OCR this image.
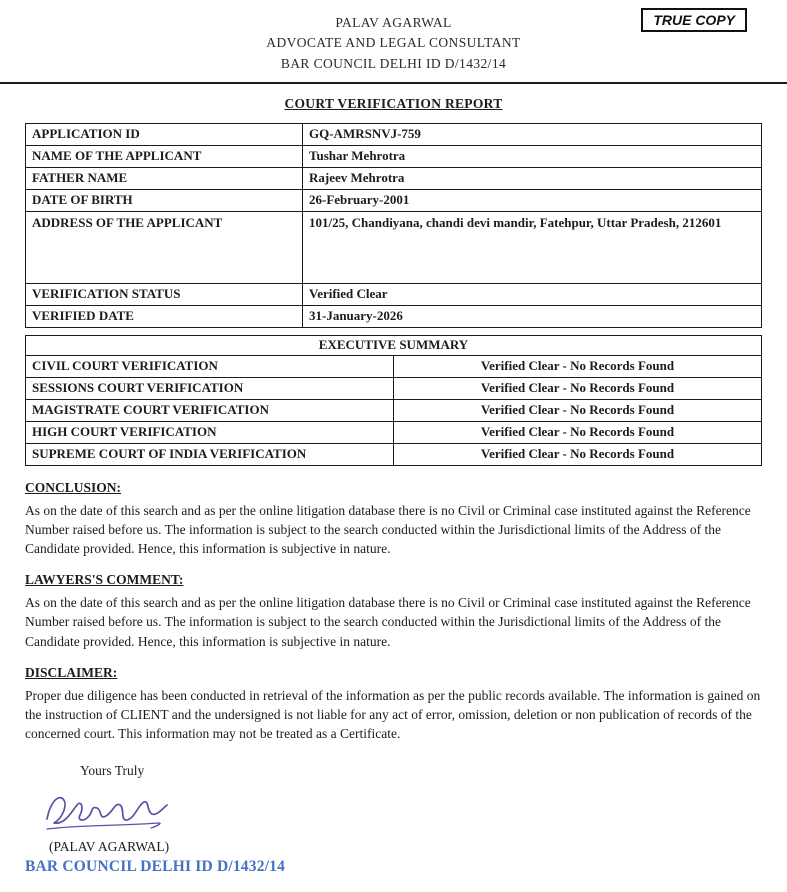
TRUE COPY
PALAV AGARWAL
ADVOCATE AND LEGAL CONSULTANT
BAR COUNCIL DELHI ID D/1432/14
COURT VERIFICATION REPORT
APPLICATION ID	GQ-AMRSNVJ-759
NAME OF THE APPLICANT	Tushar Mehrotra
FATHER NAME	Rajeev Mehrotra
DATE OF BIRTH	26-February-2001
ADDRESS OF THE APPLICANT	101/25, Chandiyana, chandi devi mandir, Fatehpur, Uttar Pradesh, 212601
VERIFICATION STATUS	Verified Clear
VERIFIED DATE	31-January-2026
EXECUTIVE SUMMARY	
CIVIL COURT VERIFICATION	Verified Clear - No Records Found
SESSIONS COURT VERIFICATION	Verified Clear - No Records Found
MAGISTRATE COURT VERIFICATION	Verified Clear - No Records Found
HIGH COURT VERIFICATION	Verified Clear - No Records Found
SUPREME COURT OF INDIA VERIFICATION	Verified Clear - No Records Found
CONCLUSION:

As on the date of this search and as per the online litigation database there is no Civil or Criminal case instituted against the Reference Number raised before us. The information is subject to the search conducted within the Jurisdictional limits of the Address of the Candidate provided. Hence, this information is subjective in nature.

LAWYERS'S COMMENT:

As on the date of this search and as per the online litigation database there is no Civil or Criminal case instituted against the Reference Number raised before us. The information is subject to the search conducted within the Jurisdictional limits of the Address of the Candidate provided. Hence, this information is subjective in nature.

DISCLAIMER:

Proper due diligence has been conducted in retrieval of the information as per the public records available. The information is gained on the instruction of CLIENT and the undersigned is not liable for any act of error, omission, deletion or non publication of records of the concerned court. This information may not be treated as a Certificate.

Yours Truly
(PALAV AGARWAL)
BAR COUNCIL DELHI ID D/1432/14
